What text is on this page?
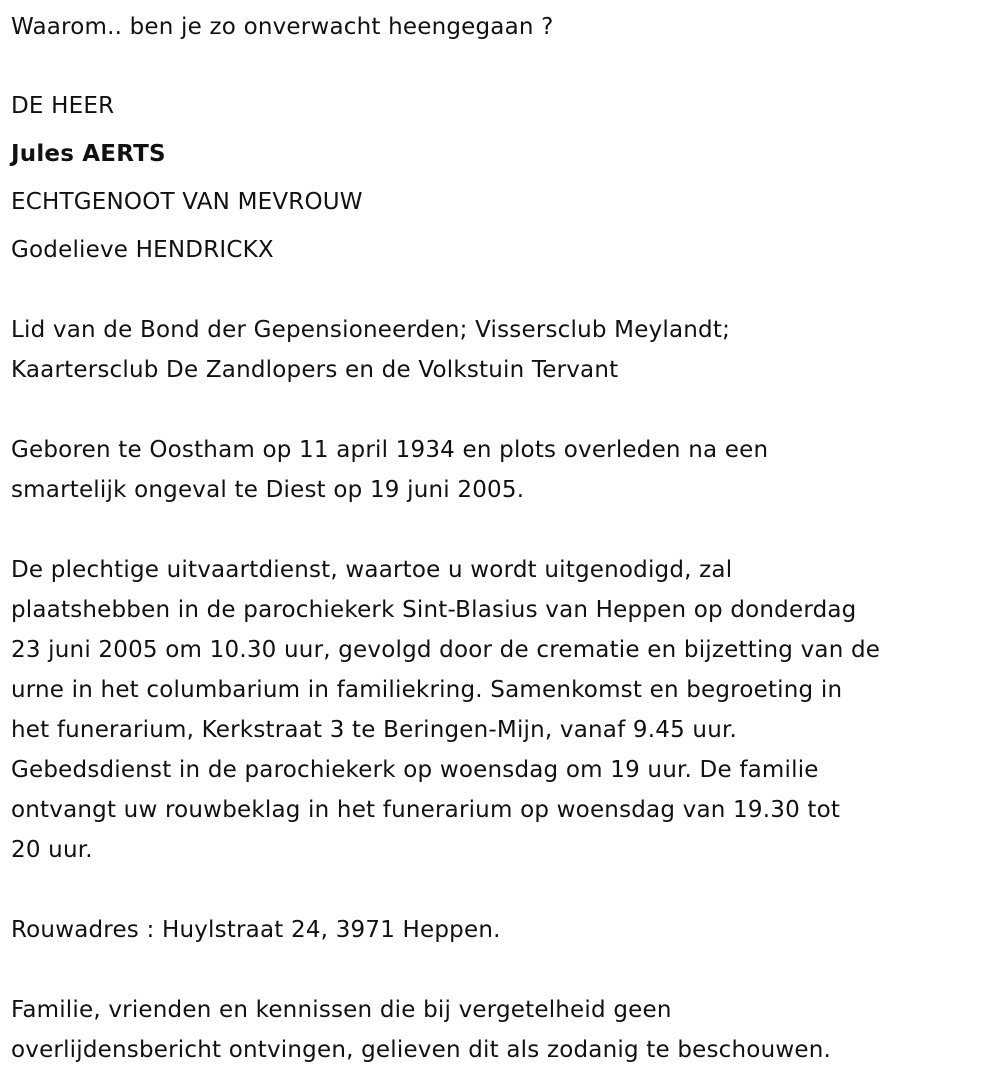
Waarom.. ben je zo onverwacht heengegaan ?
DE HEER
Jules AERTS
ECHTGENOOT VAN MEVROUW
Godelieve HENDRICKX
Lid van de Bond der Gepensioneerden; Vissersclub Meylandt;
Kaartersclub De Zandlopers en de Volkstuin Tervant
Geboren te Oostham op 11 april 1934 en plots overleden na een
smartelijk ongeval te Diest op 19 juni 2005.
De plechtige uitvaartdienst, waartoe u wordt uitgenodigd, zal
plaatshebben in de parochiekerk Sint-Blasius van Heppen op donderdag
23 juni 2005 om 10.30 uur, gevolgd door de crematie en bijzetting van de
urne in het columbarium in familiekring. Samenkomst en begroeting in
het funerarium, Kerkstraat 3 te Beringen-Mijn, vanaf 9.45 uur.
Gebedsdienst in de parochiekerk op woensdag om 19 uur. De familie
ontvangt uw rouwbeklag in het funerarium op woensdag van 19.30 tot
20 uur.
Rouwadres : Huylstraat 24, 3971 Heppen.
Familie, vrienden en kennissen die bij vergetelheid geen
overlijdensbericht ontvingen, gelieven dit als zodanig te beschouwen.
